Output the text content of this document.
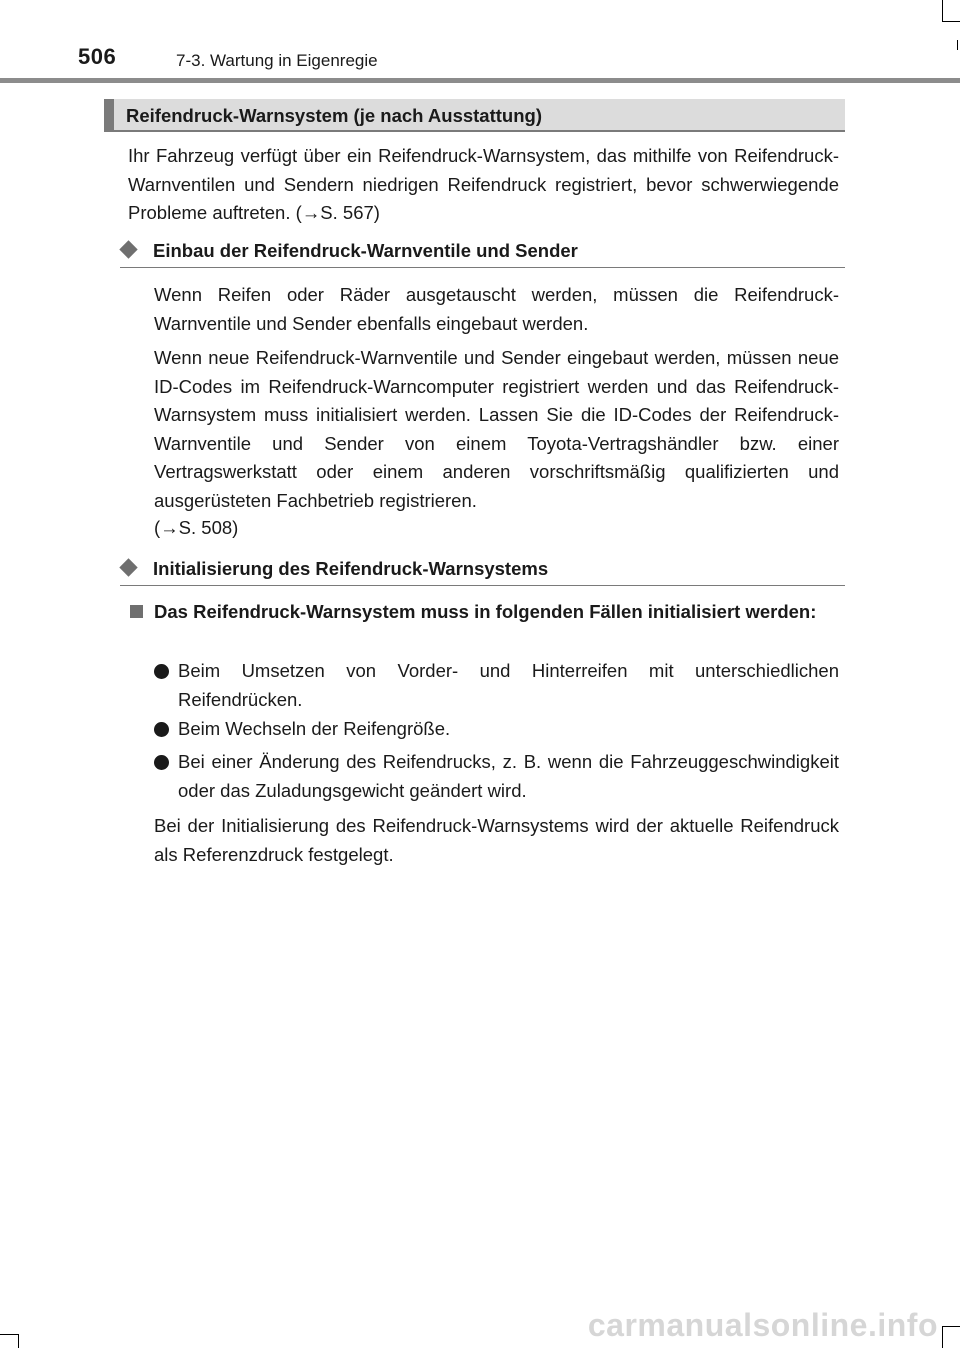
506	7-3. Wartung in Eigenregie
Reifendruck-Warnsystem (je nach Ausstattung)

Ihr Fahrzeug verfügt über ein Reifendruck-Warnsystem, das mithilfe von Reifendruck-Warnventilen und Sendern niedrigen Reifendruck registriert, bevor schwerwiegende Probleme auftreten. (→S. 567)

Einbau der Reifendruck-Warnventile und Sender

Wenn Reifen oder Räder ausgetauscht werden, müssen die Reifendruck-Warnventile und Sender ebenfalls eingebaut werden.

Wenn neue Reifendruck-Warnventile und Sender eingebaut werden, müssen neue ID-Codes im Reifendruck-Warncomputer registriert werden und das Reifendruck-Warnsystem muss initialisiert werden. Lassen Sie die ID-Codes der Reifendruck-Warnventile und Sender von einem Toyota-Vertragshändler bzw. einer Vertragswerkstatt oder einem anderen vorschriftsmäßig qualifizierten und ausgerüsteten Fachbetrieb registrieren.

(→S. 508)
Initialisierung des Reifendruck-Warnsystems

Das Reifendruck-Warnsystem muss in folgenden Fällen initialisiert werden:

Beim Umsetzen von Vorder- und Hinterreifen mit unterschiedlichen Reifendrücken.

Beim Wechseln der Reifengröße.

Bei einer Änderung des Reifendrucks, z. B. wenn die Fahrzeuggeschwindigkeit oder das Zuladungsgewicht geändert wird.

Bei der Initialisierung des Reifendruck-Warnsystems wird der aktuelle Reifendruck als Referenzdruck festgelegt.

carmanualsonline.info
